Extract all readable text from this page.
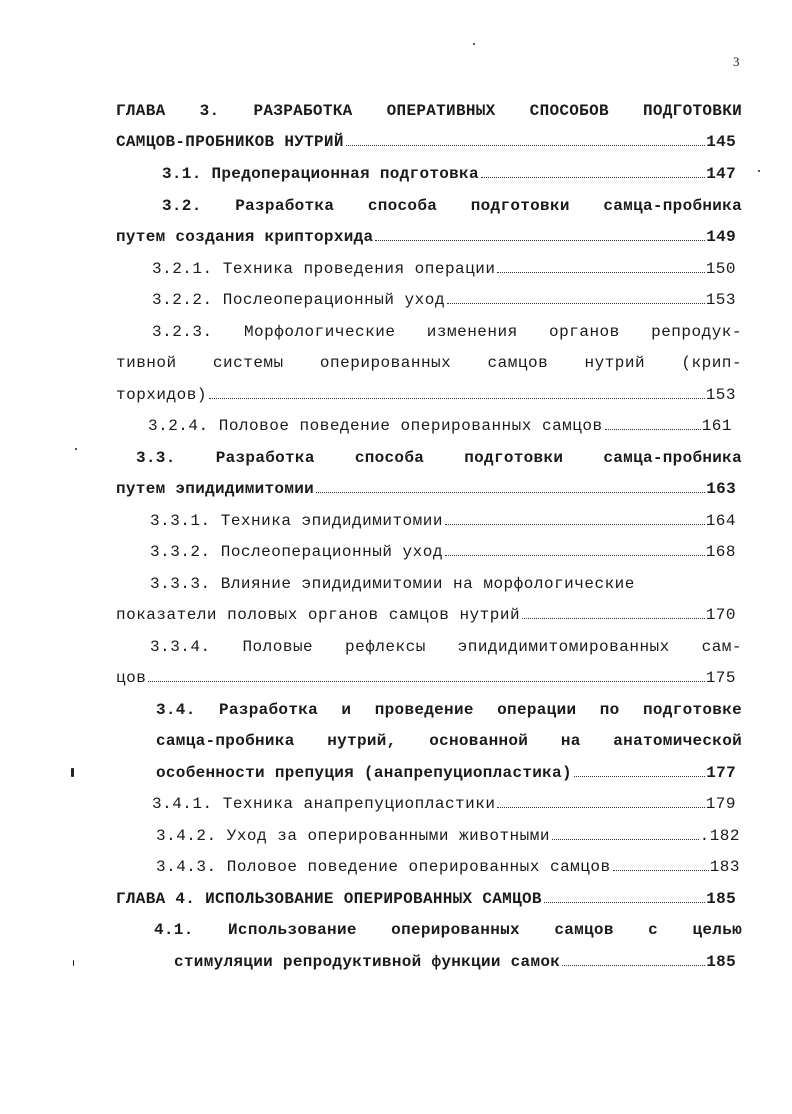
3
ГЛАВА 3. РАЗРАБОТКА ОПЕРАТИВНЫХ СПОСОБОВ ПОДГОТОВКИ
САМЦОВ-ПРОБНИКОВ НУТРИЙ	145
3.1. Предоперационная подготовка	147
3.2. Разработка способа подготовки самца-пробника
путем создания крипторхида	149
3.2.1. Техника проведения операции	150
3.2.2. Послеоперационный уход	153
3.2.3. Морфологические изменения органов репродук-
тивной системы оперированных самцов нутрий (крип-
торхидов)	153
3.2.4. Половое поведение оперированных самцов	161
3.3. Разработка способа подготовки самца-пробника
путем эпидидимитомии	163
3.3.1. Техника эпидидимитомии	164
3.3.2. Послеоперационный уход	168
3.3.3. Влияние эпидидимитомии на морфологические
показатели половых органов самцов нутрий	170
3.3.4. Половые рефлексы эпидидимитомированных сам-
цов	175
3.4. Разработка и проведение операции по подготовке
самца-пробника нутрий, основанной на анатомической
особенности препуция (анапрепуциопластика)	177
3.4.1. Техника анапрепуциопластики	179
3.4.2. Уход за оперированными животными	.182
3.4.3. Половое поведение оперированных самцов	183
ГЛАВА 4. ИСПОЛЬЗОВАНИЕ ОПЕРИРОВАННЫХ САМЦОВ	185
4.1. Использование оперированных самцов с целью
стимуляции репродуктивной функции самок	185
